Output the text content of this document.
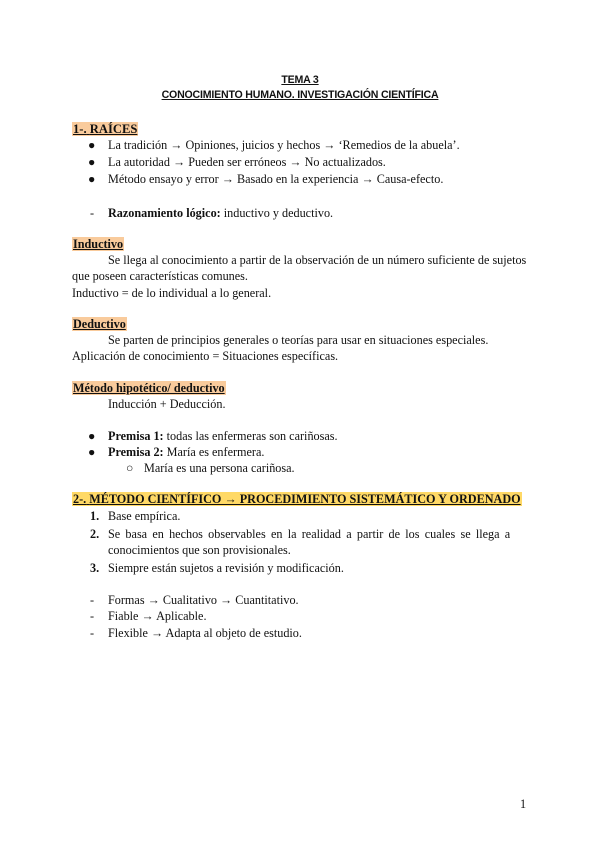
TEMA 3
CONOCIMIENTO HUMANO. INVESTIGACIÓN CIENTÍFICA
1-. RAÍCES
● La tradición → Opiniones, juicios y hechos → ‘Remedios de la abuela’.
● La autoridad → Pueden ser erróneos → No actualizados.
● Método ensayo y error → Basado en la experiencia → Causa-efecto.
- Razonamiento lógico: inductivo y deductivo.
Inductivo
Se llega al conocimiento a partir de la observación de un número suficiente de sujetos
que poseen características comunes.
Inductivo = de lo individual a lo general.
Deductivo
Se parten de principios generales o teorías para usar en situaciones especiales.
Aplicación de conocimiento = Situaciones específicas.
Método hipotético/ deductivo
Inducción + Deducción.
● Premisa 1: todas las enfermeras son cariñosas.
● Premisa 2: María es enfermera.
○ María es una persona cariñosa.
2-. MÉTODO CIENTÍFICO → PROCEDIMIENTO SISTEMÁTICO Y ORDENADO
1. Base empírica.
2. Se basa en hechos observables en la realidad a partir de los cuales se llega a
conocimientos que son provisionales.
3. Siempre están sujetos a revisión y modificación.
- Formas → Cualitativo → Cuantitativo.
- Fiable → Aplicable.
- Flexible → Adapta al objeto de estudio.
1
